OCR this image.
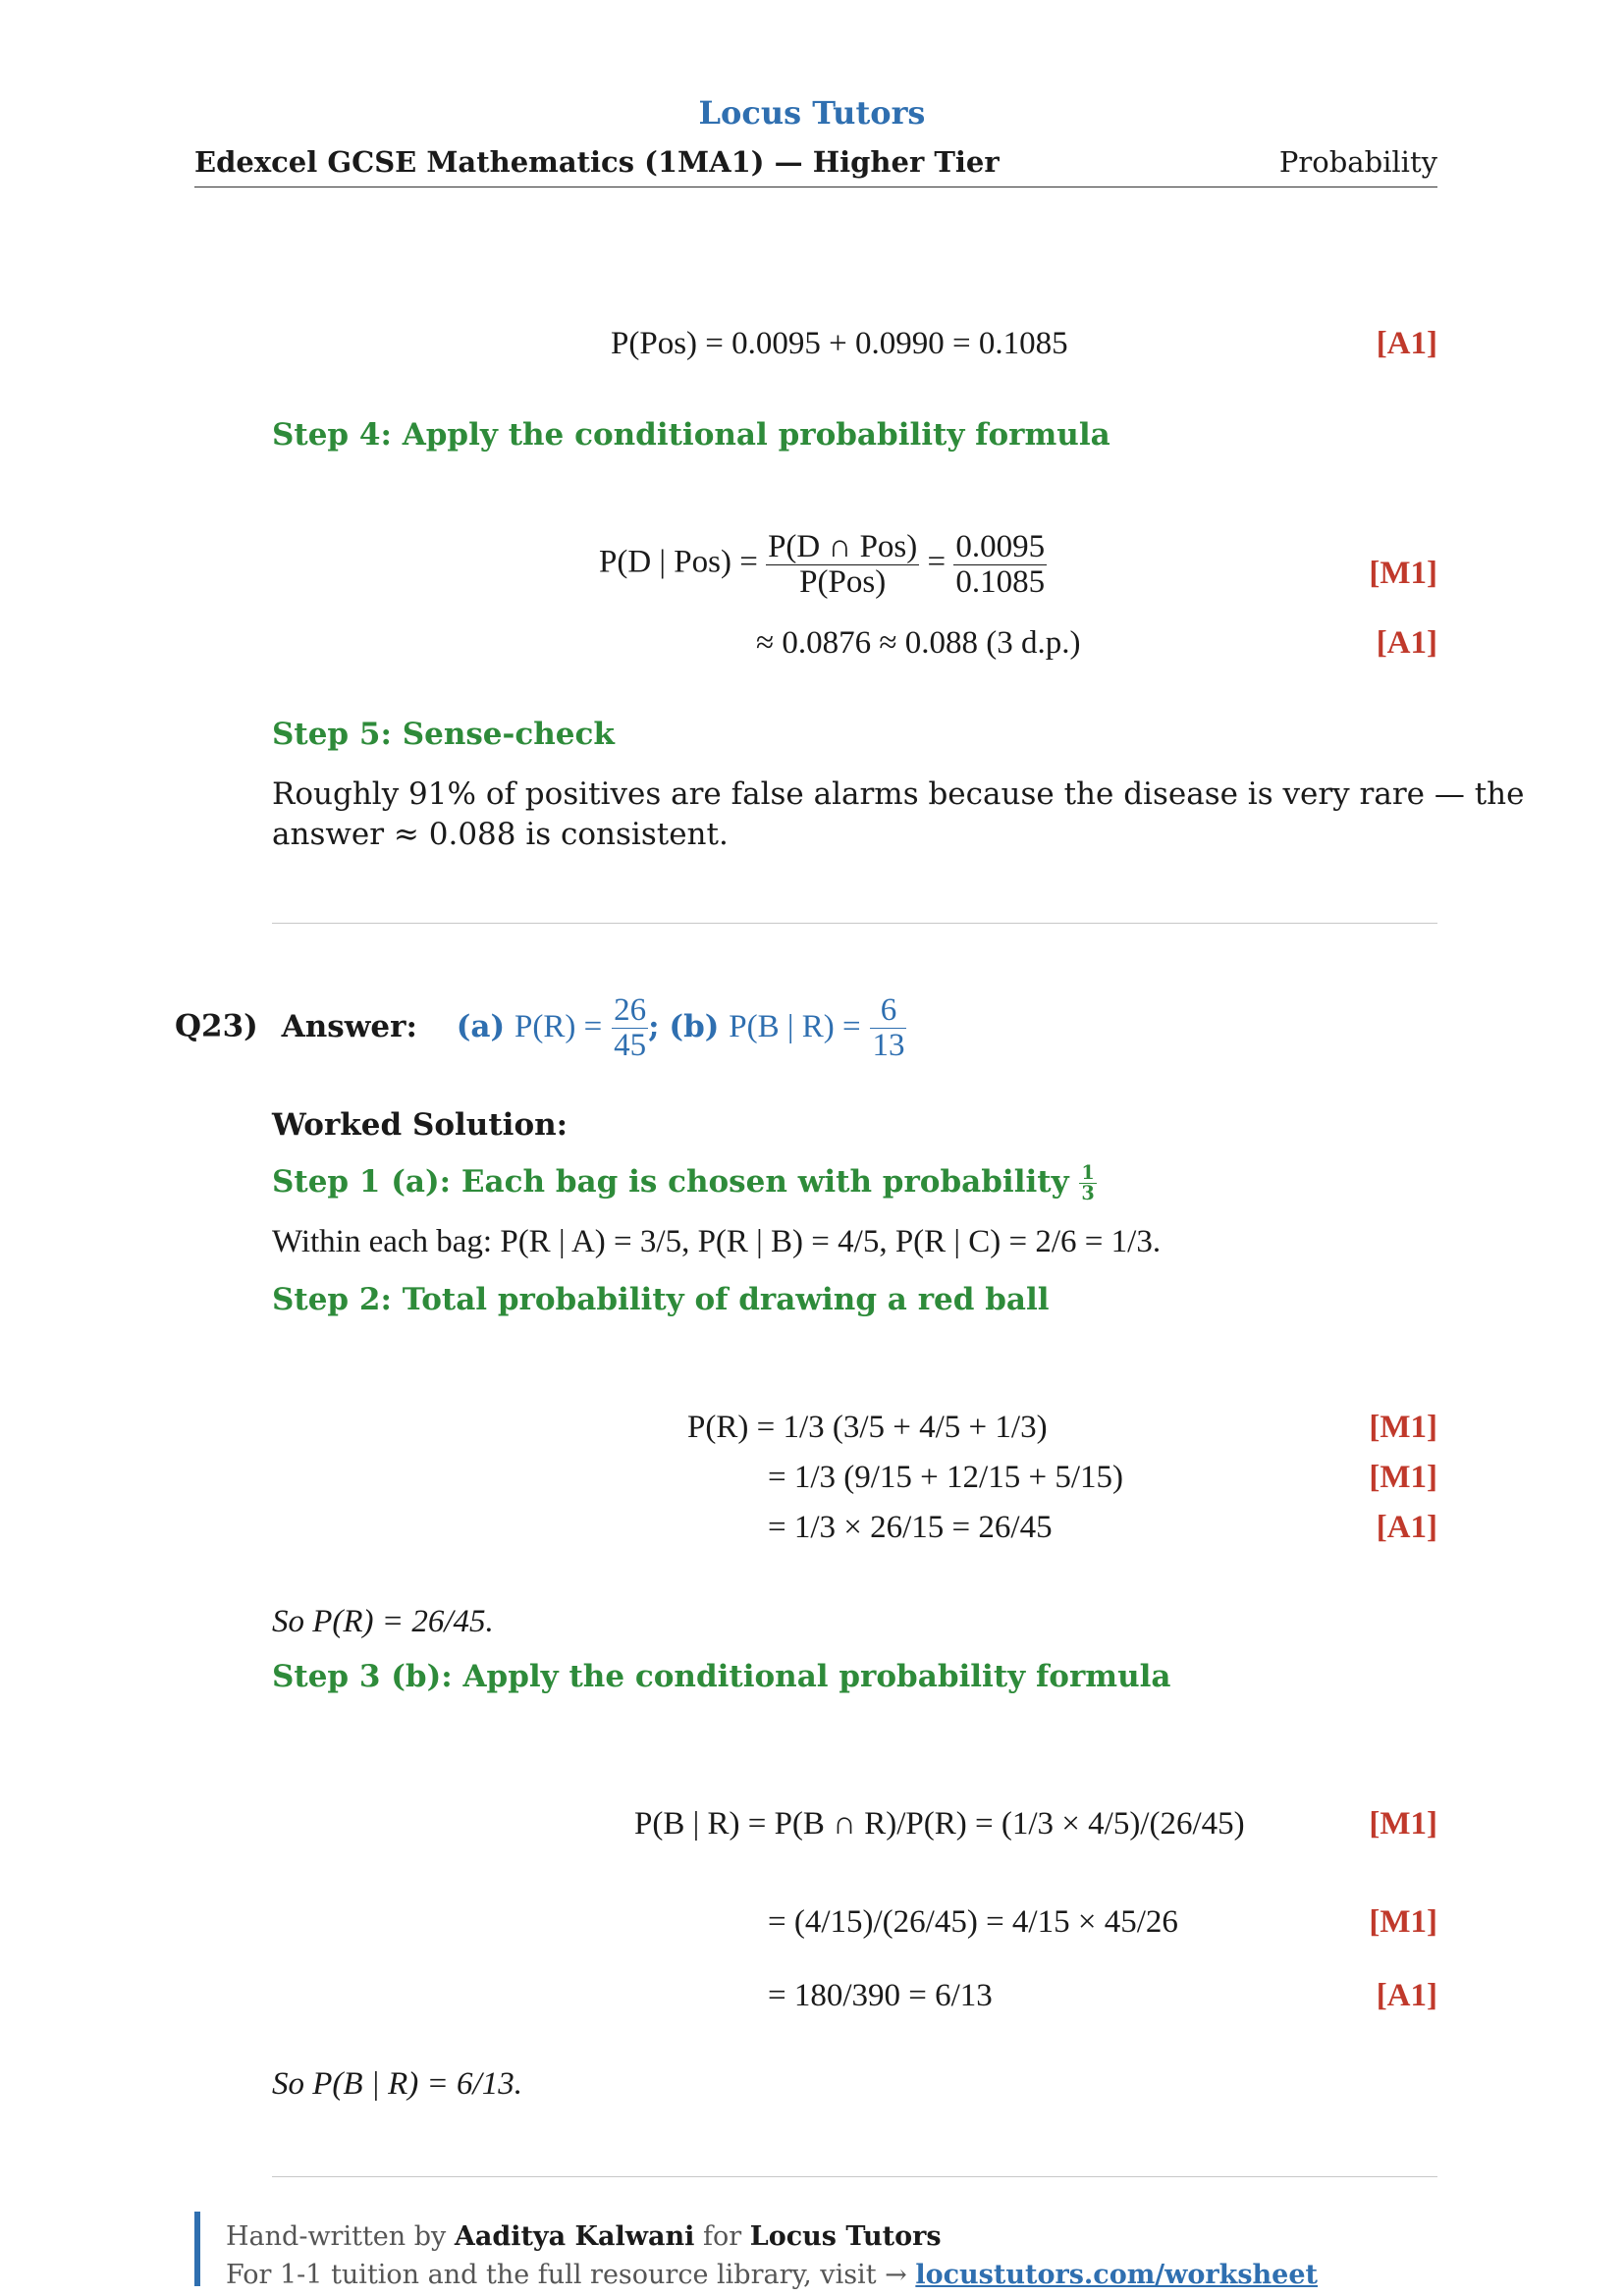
Locus Tutors
Edexcel GCSE Mathematics (1MA1) — Higher Tier	Probability
P(Pos) = 0.0095 + 0.0990 = 0.1085	[A1]
Step 4: Apply the conditional probability formula
P(D | $Pos) = \frac{\text{P(D ∩ Pos)}}{\text{P(Pos)}} = \frac{0.0095}{0.1085}$	[M1]
≈ 0.0876 ≈ 0.088 (3 d.p.)	[A1]
Step 5: Sense-check
Roughly 91% of positives are false alarms because the disease is very rare — the
answer ≈ 0.088 is consistent.
Q23) Answer: (a) $P(R) = \frac{26}{45}$ ; (b) P(B | $R) = \frac{6}{13}$
Worked Solution:
Step 1 (a): Each bag is chosen with probability $\frac{1}{3}$
Within each bag: P(R | A) = 3/5, P(R | B) = 4/5, P(R | C) = 2/6 = 1/3.
Step 2: Total probability of drawing a red ball
P(R) = 1/3 (3/5 + 4/5 + 1/3)	[M1]
= 1/3 (9/15 + 12/15 + 5/15)	[M1]
= 1/3 × 26/15 = 26/45	[A1]
So P(R) = 26/45.
Step 3 (b): Apply the conditional probability formula
P(B | R) = P(B ∩ R)/P(R) = (1/3 × 4/5)/(26/45)	[M1]
= (4/15)/(26/45) = 4/15 × 45/26	[M1]
= 180/390 = 6/13	[A1]
So P(B | R) = 6/13.
Hand-written by Aaditya Kalwani for Locus Tutors
For 1-1 tuition and the full resource library, visit → locustutors.com/worksheet
